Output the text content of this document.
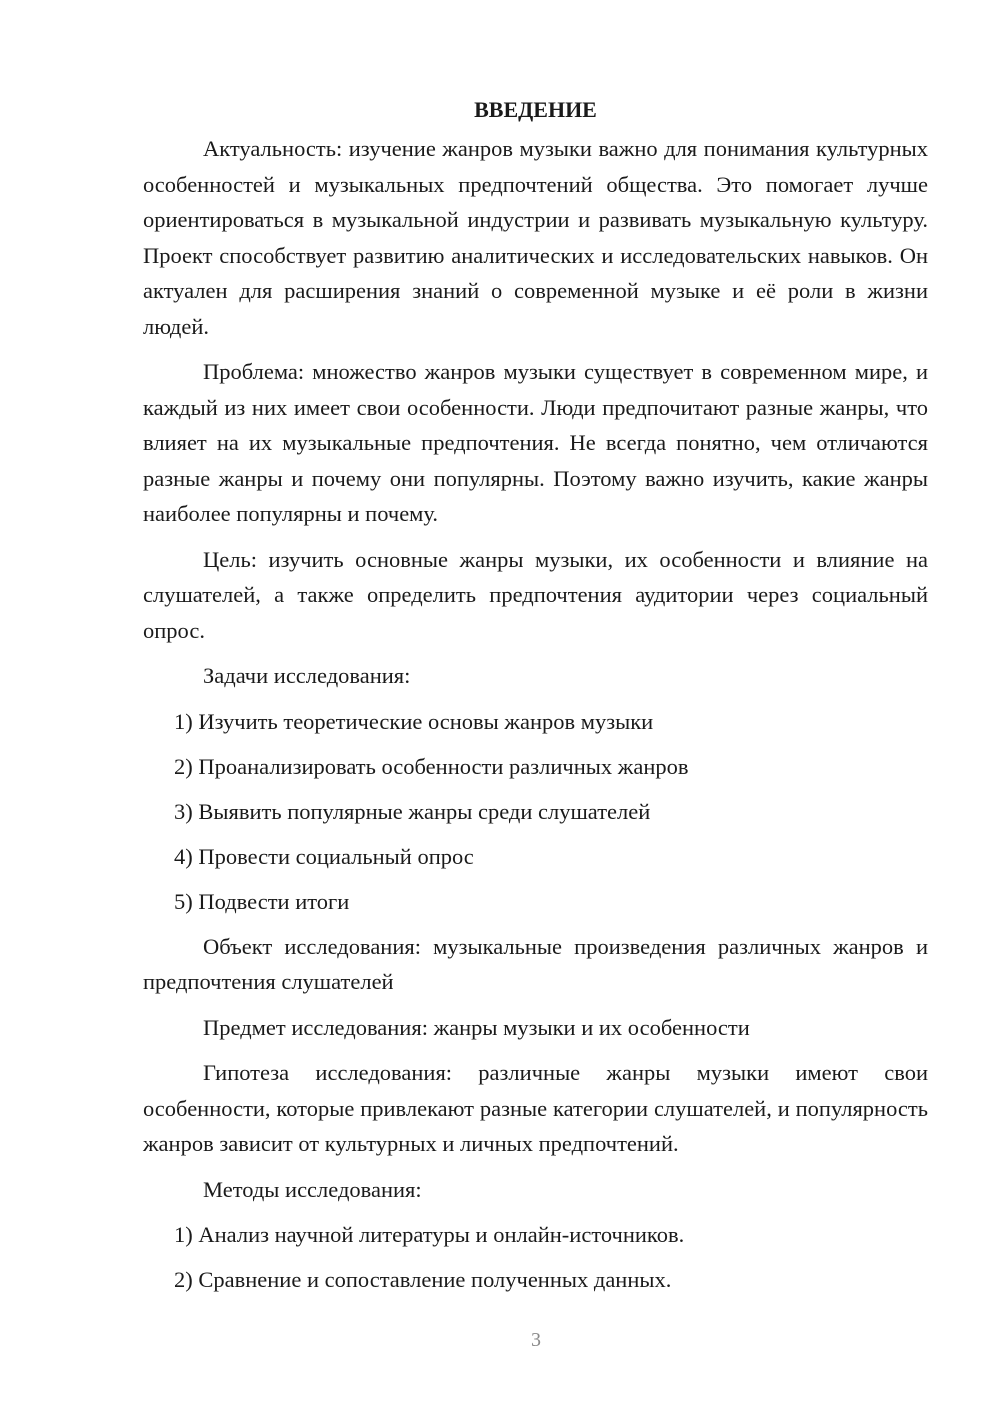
ВВЕДЕНИЕ

Актуальность: изучение жанров музыки важно для понимания культурных особенностей и музыкальных предпочтений общества. Это помогает лучше ориентироваться в музыкальной индустрии и развивать музыкальную культуру. Проект способствует развитию аналитических и исследовательских навыков. Он актуален для расширения знаний о современной музыке и её роли в жизни людей.

Проблема: множество жанров музыки существует в современном мире, и каждый из них имеет свои особенности. Люди предпочитают разные жанры, что влияет на их музыкальные предпочтения. Не всегда понятно, чем отличаются разные жанры и почему они популярны. Поэтому важно изучить, какие жанры наиболее популярны и почему.

Цель: изучить основные жанры музыки, их особенности и влияние на слушателей, а также определить предпочтения аудитории через социальный опрос.

Задачи исследования:
1) Изучить теоретические основы жанров музыки
2) Проанализировать особенности различных жанров
3) Выявить популярные жанры среди слушателей
4) Провести социальный опрос
5) Подвести итоги

Объект исследования: музыкальные произведения различных жанров и предпочтения слушателей

Предмет исследования: жанры музыки и их особенности

Гипотеза исследования: различные жанры музыки имеют свои особенности, которые привлекают разные категории слушателей, и популярность жанров зависит от культурных и личных предпочтений.

Методы исследования:
1) Анализ научной литературы и онлайн-источников.
2) Сравнение и сопоставление полученных данных.
3
